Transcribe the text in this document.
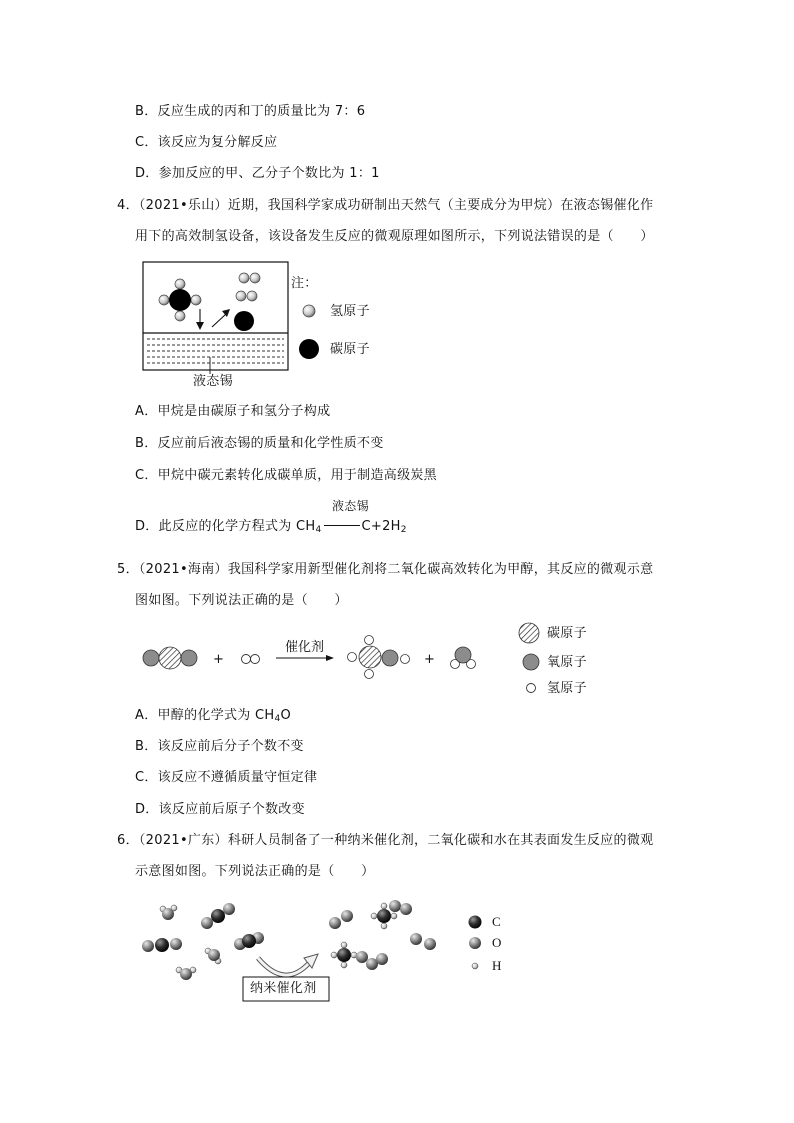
B．反应生成的丙和丁的质量比为 7：6
C．该反应为复分解反应
D．参加反应的甲、乙分子个数比为 1：1
4．（2021•乐山）近期，我国科学家成功研制出天然气（主要成分为甲烷）在液态锡催化作
用下的高效制氢设备，该设备发生反应的微观原理如图所示，下列说法错误的是（　　）
注：
氢原子
碳原子
液态锡
A．甲烷是由碳原子和氢分子构成
B．反应前后液态锡的质量和化学性质不变
C．甲烷中碳元素转化成碳单质，用于制造高级炭黑
液态锡
D．此反应的化学方程式为 $CH_4$	$C+2H_2$
5．（2021•海南）我国科学家用新型催化剂将二氧化碳高效转化为甲醇，其反应的微观示意
图如图。下列说法正确的是（　　）
+
催化剂
+
碳原子
氧原子
氢原子
A．甲醇的化学式为 $CH_4O$
B．该反应前后分子个数不变
C．该反应不遵循质量守恒定律
D．该反应前后原子个数改变
6．（2021•广东）科研人员制备了一种纳米催化剂，二氧化碳和水在其表面发生反应的微观
示意图如图。下列说法正确的是（　　）
C
O
H
纳米催化剂
